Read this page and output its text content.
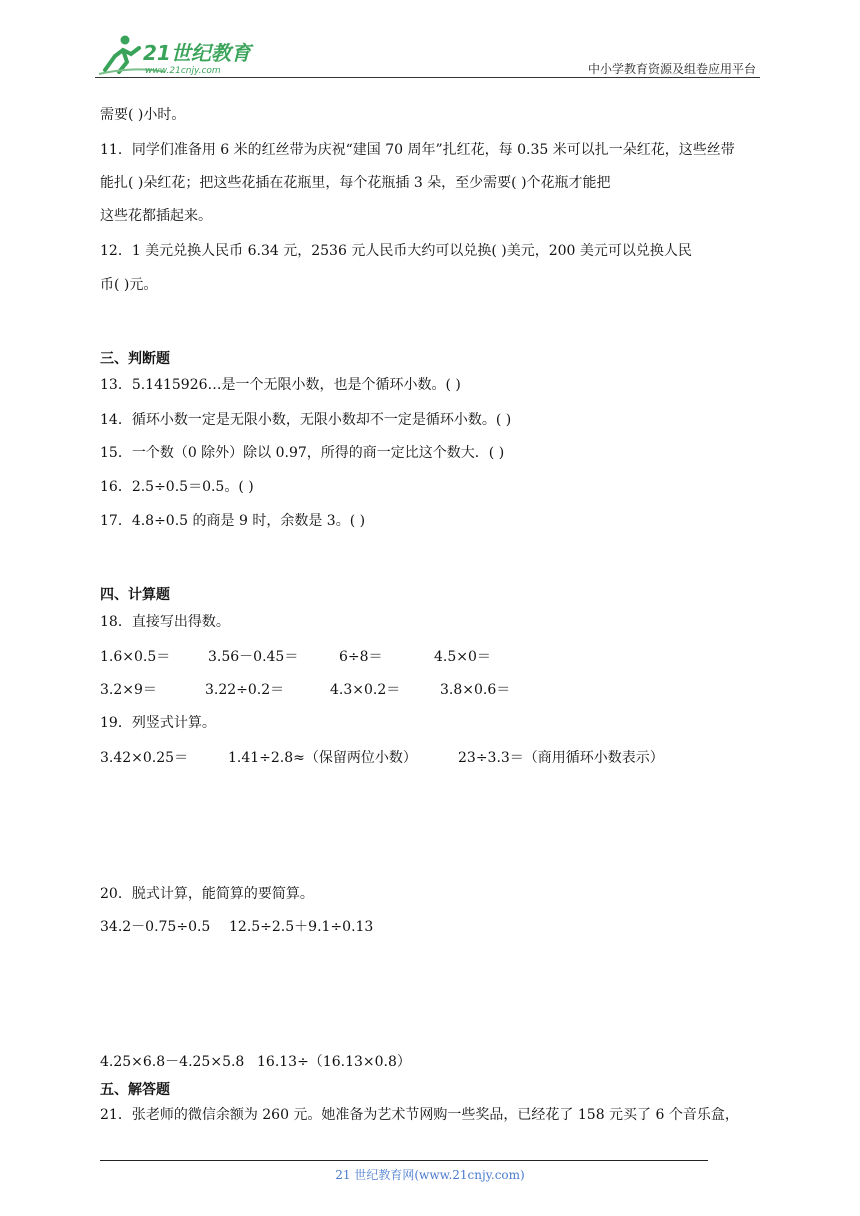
21世纪教育
www.21cnjy.com	中小学教育资源及组卷应用平台
需要( )小时。
11．同学们准备用 6 米的红丝带为庆祝“建国 70 周年”扎红花，每 0.35 米可以扎一朵红花，这些丝带
能扎( )朵红花；把这些花插在花瓶里，每个花瓶插 3 朵，至少需要( )个花瓶才能把
这些花都插起来。
12．1 美元兑换人民币 6.34 元，2536 元人民币大约可以兑换( )美元，200 美元可以兑换人民
币( )元。
三、判断题
13．5.1415926…是一个无限小数，也是个循环小数。( )
14．循环小数一定是无限小数，无限小数却不一定是循环小数。( )
15．一个数（0 除外）除以 0.97，所得的商一定比这个数大．( )
16．2.5÷0.5＝0.5。( )
17．4.8÷0.5 的商是 9 时，余数是 3。( )
四、计算题
18．直接写出得数。
1.6×0.5＝	3.56－0.45＝	6÷8＝	4.5×0＝
3.2×9＝	3.22÷0.2＝	4.3×0.2＝	3.8×0.6＝
19．列竖式计算。
3.42×0.25＝	1.41÷2.8≈（保留两位小数）	23÷3.3＝（商用循环小数表示）
20．脱式计算，能简算的要简算。
34.2－0.75÷0.5 12.5÷2.5＋9.1÷0.13
4.25×6.8－4.25×5.8 16.13÷（16.13×0.8）
五、解答题
21．张老师的微信余额为 260 元。她准备为艺术节网购一些奖品，已经花了 158 元买了 6 个音乐盒，
21 世纪教育网(www.21cnjy.com)
